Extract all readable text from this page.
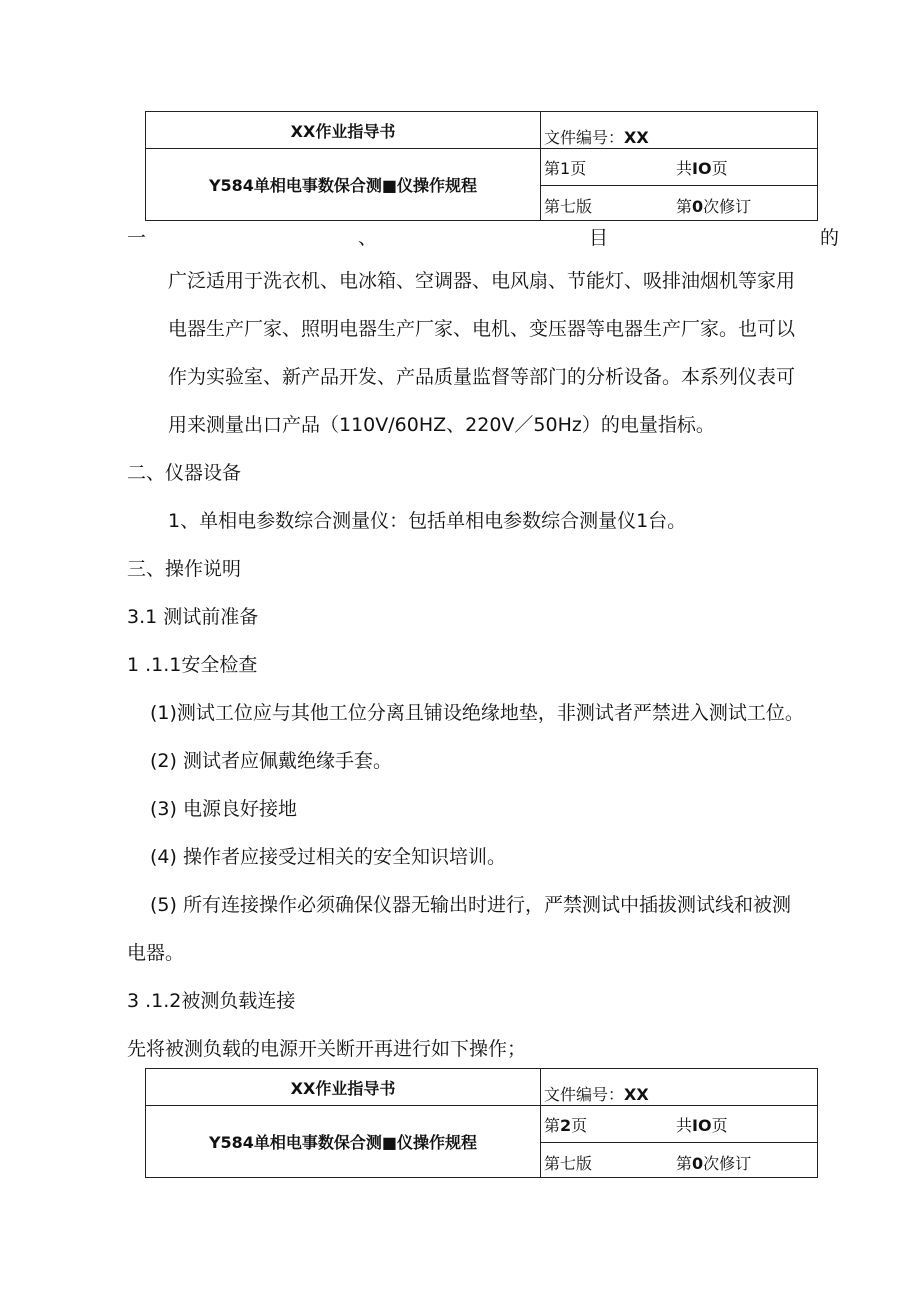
XX作业指导书
Y584单相电事数保合测■仪操作规程
文件编号：XX
第1页	共IO页
第七版	第0次修订
一	、	目	的
广泛适用于洗衣机、电冰箱、空调器、电风扇、节能灯、吸排油烟机等家用
电器生产厂家、照明电器生产厂家、电机、变压器等电器生产厂家。也可以
作为实验室、新产品开发、产品质量监督等部门的分析设备。本系列仪表可
用来测量出口产品（110V/60HZ、220V／50Hz）的电量指标。
二、仪器设备
1、单相电参数综合测量仪：包括单相电参数综合测量仪1台。
三、操作说明
3.1 测试前准备
1 .1.1安全检查
(1)测试工位应与其他工位分离且铺设绝缘地垫，非测试者严禁进入测试工位。
(2) 测试者应佩戴绝缘手套。
(3) 电源良好接地
(4) 操作者应接受过相关的安全知识培训。
(5) 所有连接操作必须确保仪器无输出时进行，严禁测试中插拔测试线和被测
电器。
3 .1.2被测负载连接
先将被测负载的电源开关断开再进行如下操作；
XX作业指导书
Y584单相电事数保合测■仪操作规程
文件编号：XX
第2页	共IO页
第七版	第0次修订
